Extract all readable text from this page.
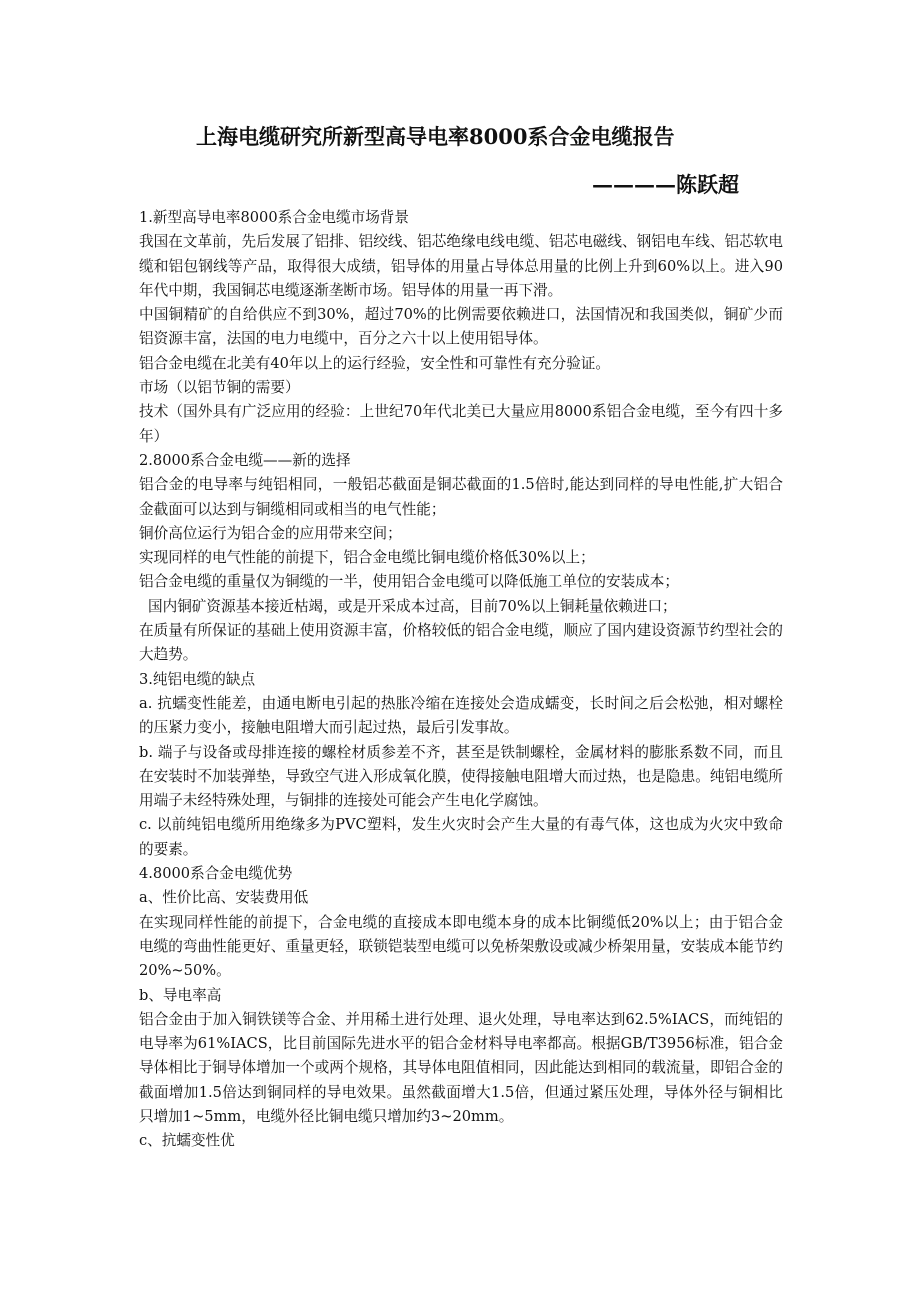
上海电缆研究所新型高导电率8000系合金电缆报告
————陈跃超

1.新型高导电率8000系合金电缆市场背景

我国在文革前，先后发展了铝排、铝绞线、铝芯绝缘电线电缆、铝芯电磁线、钢铝电车线、铝芯软电缆和铝包钢线等产品，取得很大成绩，铝导体的用量占导体总用量的比例上升到60%以上。进入90年代中期，我国铜芯电缆逐渐垄断市场。铝导体的用量一再下滑。

中国铜精矿的自给供应不到30%，超过70%的比例需要依赖进口，法国情况和我国类似，铜矿少而铝资源丰富，法国的电力电缆中，百分之六十以上使用铝导体。

铝合金电缆在北美有40年以上的运行经验，安全性和可靠性有充分验证。

市场（以铝节铜的需要）

技术（国外具有广泛应用的经验：上世纪70年代北美已大量应用8000系铝合金电缆，至今有四十多年）

2.8000系合金电缆——新的选择

铝合金的电导率与纯铝相同，一般铝芯截面是铜芯截面的1.5倍时,能达到同样的导电性能,扩大铝合金截面可以达到与铜缆相同或相当的电气性能；

铜价高位运行为铝合金的应用带来空间；

实现同样的电气性能的前提下，铝合金电缆比铜电缆价格低30%以上；

铝合金电缆的重量仅为铜缆的一半，使用铝合金电缆可以降低施工单位的安装成本；

国内铜矿资源基本接近枯竭，或是开采成本过高，目前70%以上铜耗量依赖进口；

在质量有所保证的基础上使用资源丰富，价格较低的铝合金电缆，顺应了国内建设资源节约型社会的大趋势。

3.纯铝电缆的缺点

a. 抗蠕变性能差，由通电断电引起的热胀冷缩在连接处会造成蠕变，长时间之后会松弛，相对螺栓的压紧力变小，接触电阻增大而引起过热，最后引发事故。

b. 端子与设备或母排连接的螺栓材质参差不齐，甚至是铁制螺栓，金属材料的膨胀系数不同，而且在安装时不加装弹垫，导致空气进入形成氧化膜，使得接触电阻增大而过热，也是隐患。纯铝电缆所用端子未经特殊处理，与铜排的连接处可能会产生电化学腐蚀。

c. 以前纯铝电缆所用绝缘多为PVC塑料，发生火灾时会产生大量的有毒气体，这也成为火灾中致命的要素。

4.8000系合金电缆优势

a、性价比高、安装费用低

在实现同样性能的前提下，合金电缆的直接成本即电缆本身的成本比铜缆低20%以上；由于铝合金电缆的弯曲性能更好、重量更轻，联锁铠装型电缆可以免桥架敷设或减少桥架用量，安装成本能节约20%~50%。

b、导电率高

铝合金由于加入铜铁镁等合金、并用稀土进行处理、退火处理，导电率达到62.5%IACS，而纯铝的电导率为61%IACS，比目前国际先进水平的铝合金材料导电率都高。根据GB/T3956标准，铝合金导体相比于铜导体增加一个或两个规格，其导体电阻值相同，因此能达到相同的载流量，即铝合金的截面增加1.5倍达到铜同样的导电效果。虽然截面增大1.5倍，但通过紧压处理，导体外径与铜相比只增加1~5mm，电缆外径比铜电缆只增加约3~20mm。

c、抗蠕变性优
